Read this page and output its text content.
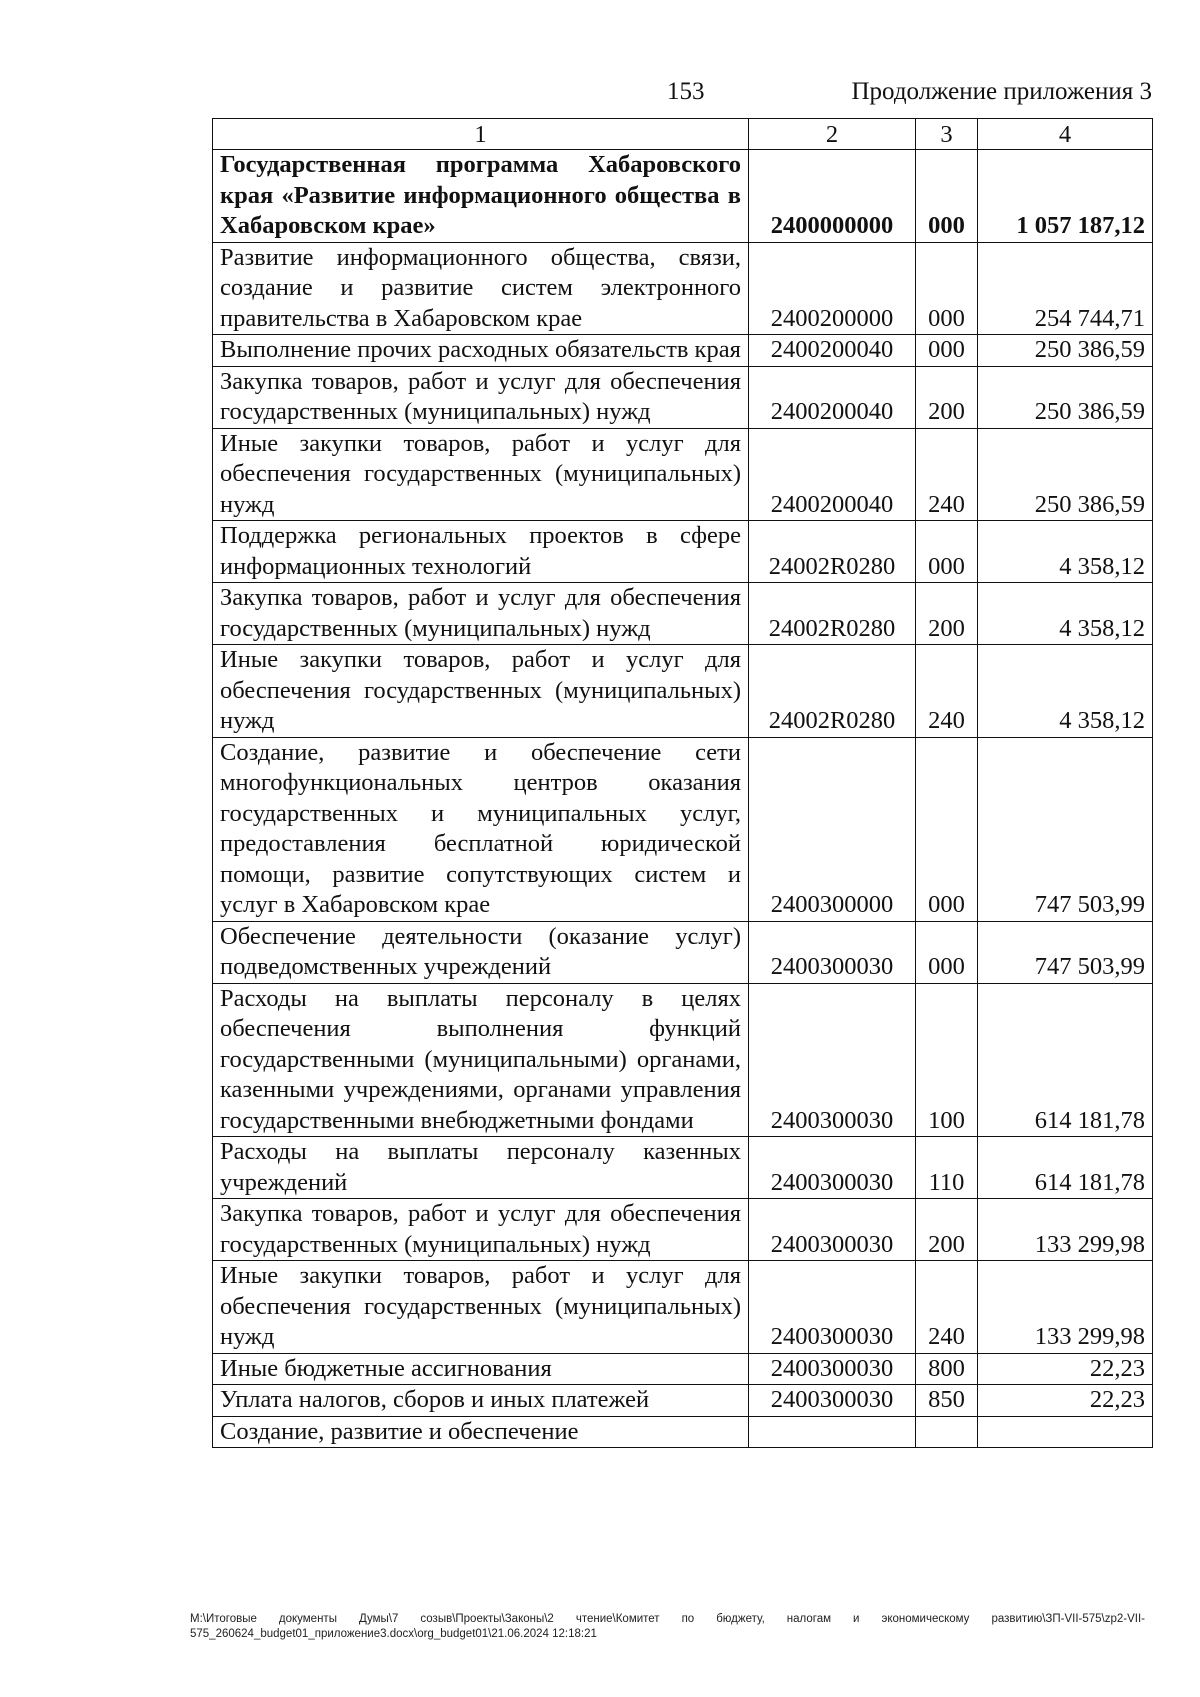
153	Продолжение приложения 3
1	2	3	4
Государственная программа Хабаровского края «Развитие информационного общества в Хабаровском крае»	2400000000	000	1 057 187,12
Развитие информационного общества, связи, создание и развитие систем электронного правительства в Хабаровском крае	2400200000	000	254 744,71
Выполнение прочих расходных обязательств края	2400200040	000	250 386,59
Закупка товаров, работ и услуг для обеспечения государственных (муниципальных) нужд	2400200040	200	250 386,59
Иные закупки товаров, работ и услуг для обеспечения государственных (муниципальных) нужд	2400200040	240	250 386,59
Поддержка региональных проектов в сфере информационных технологий	24002R0280	000	4 358,12
Закупка товаров, работ и услуг для обеспечения государственных (муниципальных) нужд	24002R0280	200	4 358,12
Иные закупки товаров, работ и услуг для обеспечения государственных (муниципальных) нужд	24002R0280	240	4 358,12
Создание, развитие и обеспечение сети многофункциональных центров оказания государственных и муниципальных услуг, предоставления бесплатной юридической помощи, развитие сопутствующих систем и услуг в Хабаровском крае	2400300000	000	747 503,99
Обеспечение деятельности (оказание услуг) подведомственных учреждений	2400300030	000	747 503,99
Расходы на выплаты персоналу в целях обеспечения выполнения функций государственными (муниципальными) органами, казенными учреждениями, органами управления государственными внебюджетными фондами	2400300030	100	614 181,78
Расходы на выплаты персоналу казенных учреждений	2400300030	110	614 181,78
Закупка товаров, работ и услуг для обеспечения государственных (муниципальных) нужд	2400300030	200	133 299,98
Иные закупки товаров, работ и услуг для обеспечения государственных (муниципальных) нужд	2400300030	240	133 299,98
Иные бюджетные ассигнования	2400300030	800	22,23
Уплата налогов, сборов и иных платежей	2400300030	850	22,23
Создание, развитие и обеспечение			
М:\Итоговые документы Думы\7 созыв\Проекты\Законы\2 чтение\Комитет по бюджету, налогам и экономическому развитию\ЗП-VII-575\zp2-VII-575_260624_budget01_приложение3.docx\org_budget01\21.06.2024 12:18:21
